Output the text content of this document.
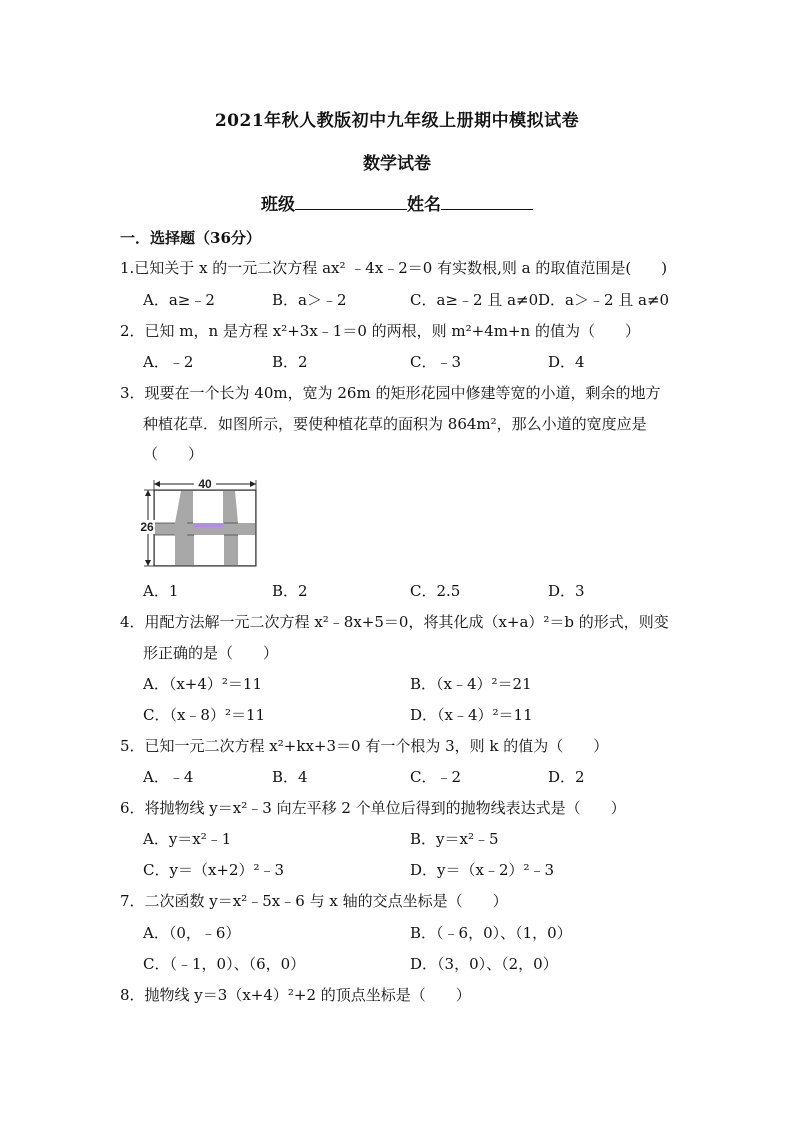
2021年秋人教版初中九年级上册期中模拟试卷
数学试卷
班级	姓名
一．选择题（36分）
1.已知关于 x 的一元二次方程 ax² ﹣4x﹣2＝0 有实数根,则 a 的取值范围是(　　)
A．a≥﹣2	B．a＞﹣2	C．a≥﹣2 且 a≠0 D．a＞﹣2 且 a≠0
2．已知 m，n 是方程 x²+3x﹣1＝0 的两根，则 m²+4m+n 的值为（　　）
A．﹣2	B．2	C．﹣3	D．4
3．现要在一个长为 40m，宽为 26m 的矩形花园中修建等宽的小道，剩余的地方
种植花草．如图所示，要使种植花草的面积为 864m²，那么小道的宽度应是
（　　）
40
26
A．1	B．2	C．2.5	D．3
4．用配方法解一元二次方程 x²﹣8x+5＝0，将其化成（x+a）²＝b 的形式，则变
形正确的是（　　）
A．（x+4）²＝11	B．（x﹣4）²＝21
C．（x﹣8）²＝11	D．（x﹣4）²＝11
5．已知一元二次方程 x²+kx+3＝0 有一个根为 3，则 k 的值为（　　）
A．﹣4	B．4	C．﹣2	D．2
6．将抛物线 y＝x²﹣3 向左平移 2 个单位后得到的抛物线表达式是（　　）
A．y＝x²﹣1	B．y＝x²﹣5
C．y＝（x+2）²﹣3	D．y＝（x﹣2）²﹣3
7．二次函数 y＝x²﹣5x﹣6 与 x 轴的交点坐标是（　　）
A．（0，﹣6）	B．（﹣6，0）、（1，0）
C．（﹣1，0）、（6，0）	D．（3，0）、（2，0）
8．抛物线 y＝3（x+4）²+2 的顶点坐标是（　　）
